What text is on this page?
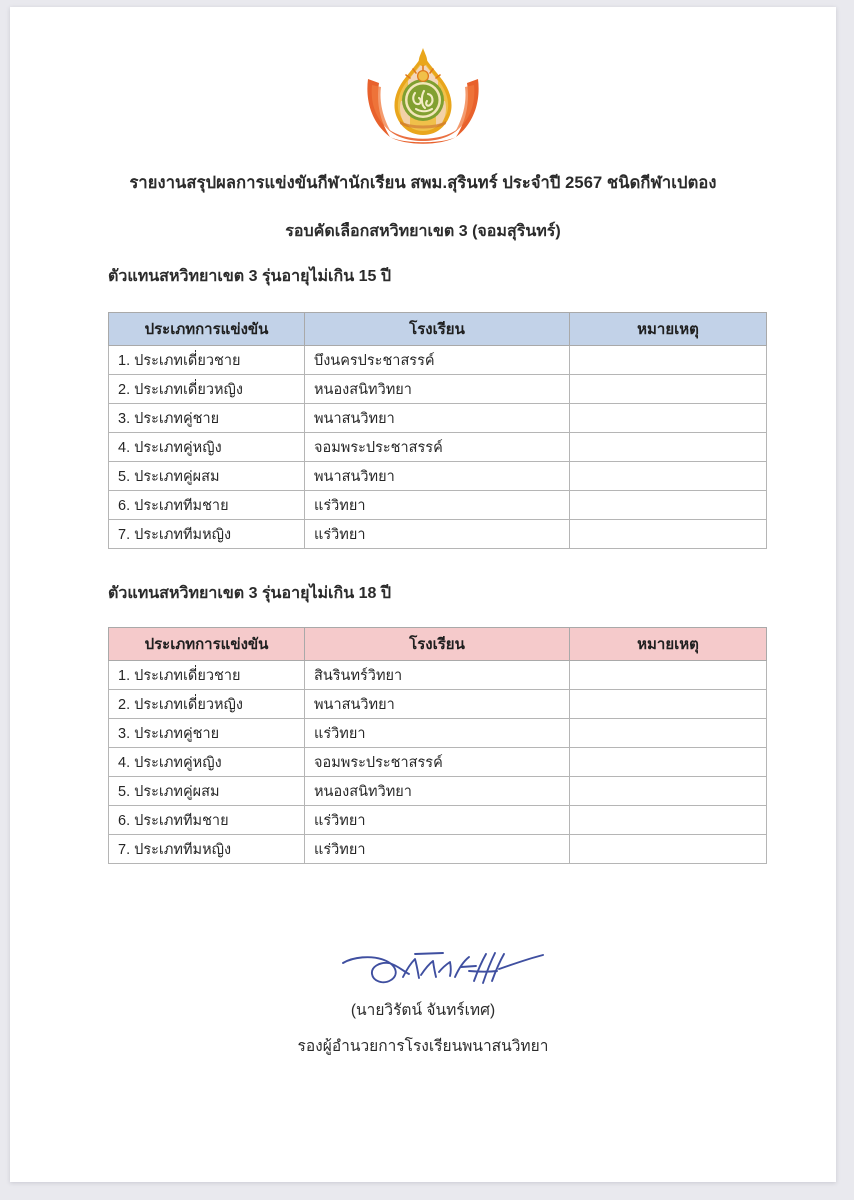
รายงานสรุปผลการแข่งขันกีฬานักเรียน สพม.สุรินทร์ ประจำปี 2567 ชนิดกีฬาเปตอง
รอบคัดเลือกสหวิทยาเขต 3 (จอมสุรินทร์)
ตัวแทนสหวิทยาเขต 3 รุ่นอายุไม่เกิน 15 ปี
ประเภทการแข่งขัน	โรงเรียน	หมายเหตุ
1. ประเภทเดี่ยวชาย	บึงนครประชาสรรค์	
2. ประเภทเดี่ยวหญิง	หนองสนิทวิทยา	
3. ประเภทคู่ชาย	พนาสนวิทยา	
4. ประเภทคู่หญิง	จอมพระประชาสรรค์	
5. ประเภทคู่ผสม	พนาสนวิทยา	
6. ประเภททีมชาย	แร่วิทยา	
7. ประเภททีมหญิง	แร่วิทยา	
ตัวแทนสหวิทยาเขต 3 รุ่นอายุไม่เกิน 18 ปี
ประเภทการแข่งขัน	โรงเรียน	หมายเหตุ
1. ประเภทเดี่ยวชาย	สินรินทร์วิทยา	
2. ประเภทเดี่ยวหญิง	พนาสนวิทยา	
3. ประเภทคู่ชาย	แร่วิทยา	
4. ประเภทคู่หญิง	จอมพระประชาสรรค์	
5. ประเภทคู่ผสม	หนองสนิทวิทยา	
6. ประเภททีมชาย	แร่วิทยา	
7. ประเภททีมหญิง	แร่วิทยา	
(นายวิรัตน์ จันทร์เทศ)
รองผู้อำนวยการโรงเรียนพนาสนวิทยา
